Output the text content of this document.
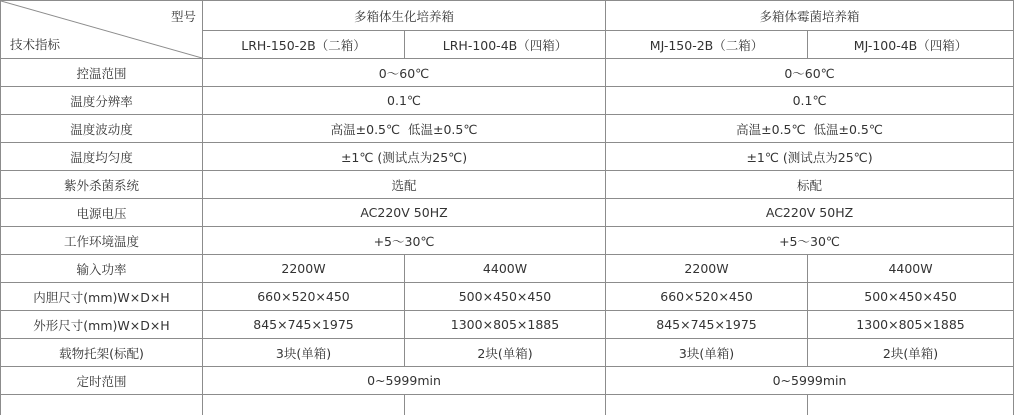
型号
技术指标	多箱体生化培养箱		多箱体霉菌培养箱	
	LRH-150-2B（二箱）	LRH-100-4B（四箱）	MJ-150-2B（二箱）	MJ-100-4B（四箱）
控温范围	0～60℃		0～60℃	
温度分辨率	0.1℃		0.1℃	
温度波动度	高温±0.5℃  低温±0.5℃		高温±0.5℃  低温±0.5℃	
温度均匀度	±1℃ (测试点为25℃)		±1℃ (测试点为25℃)	
紫外杀菌系统	选配		标配	
电源电压	AC220V 50HZ		AC220V 50HZ	
工作环境温度	+5～30℃		+5～30℃	
输入功率	2200W	4400W	2200W	4400W
内胆尺寸(mm)W×D×H	660×520×450	500×450×450	660×520×450	500×450×450
外形尺寸(mm)W×D×H	845×745×1975	1300×805×1885	845×745×1975	1300×805×1885
载物托架(标配)	3块(单箱)	2块(单箱)	3块(单箱)	2块(单箱)
定时范围	0~5999min		0~5999min	
